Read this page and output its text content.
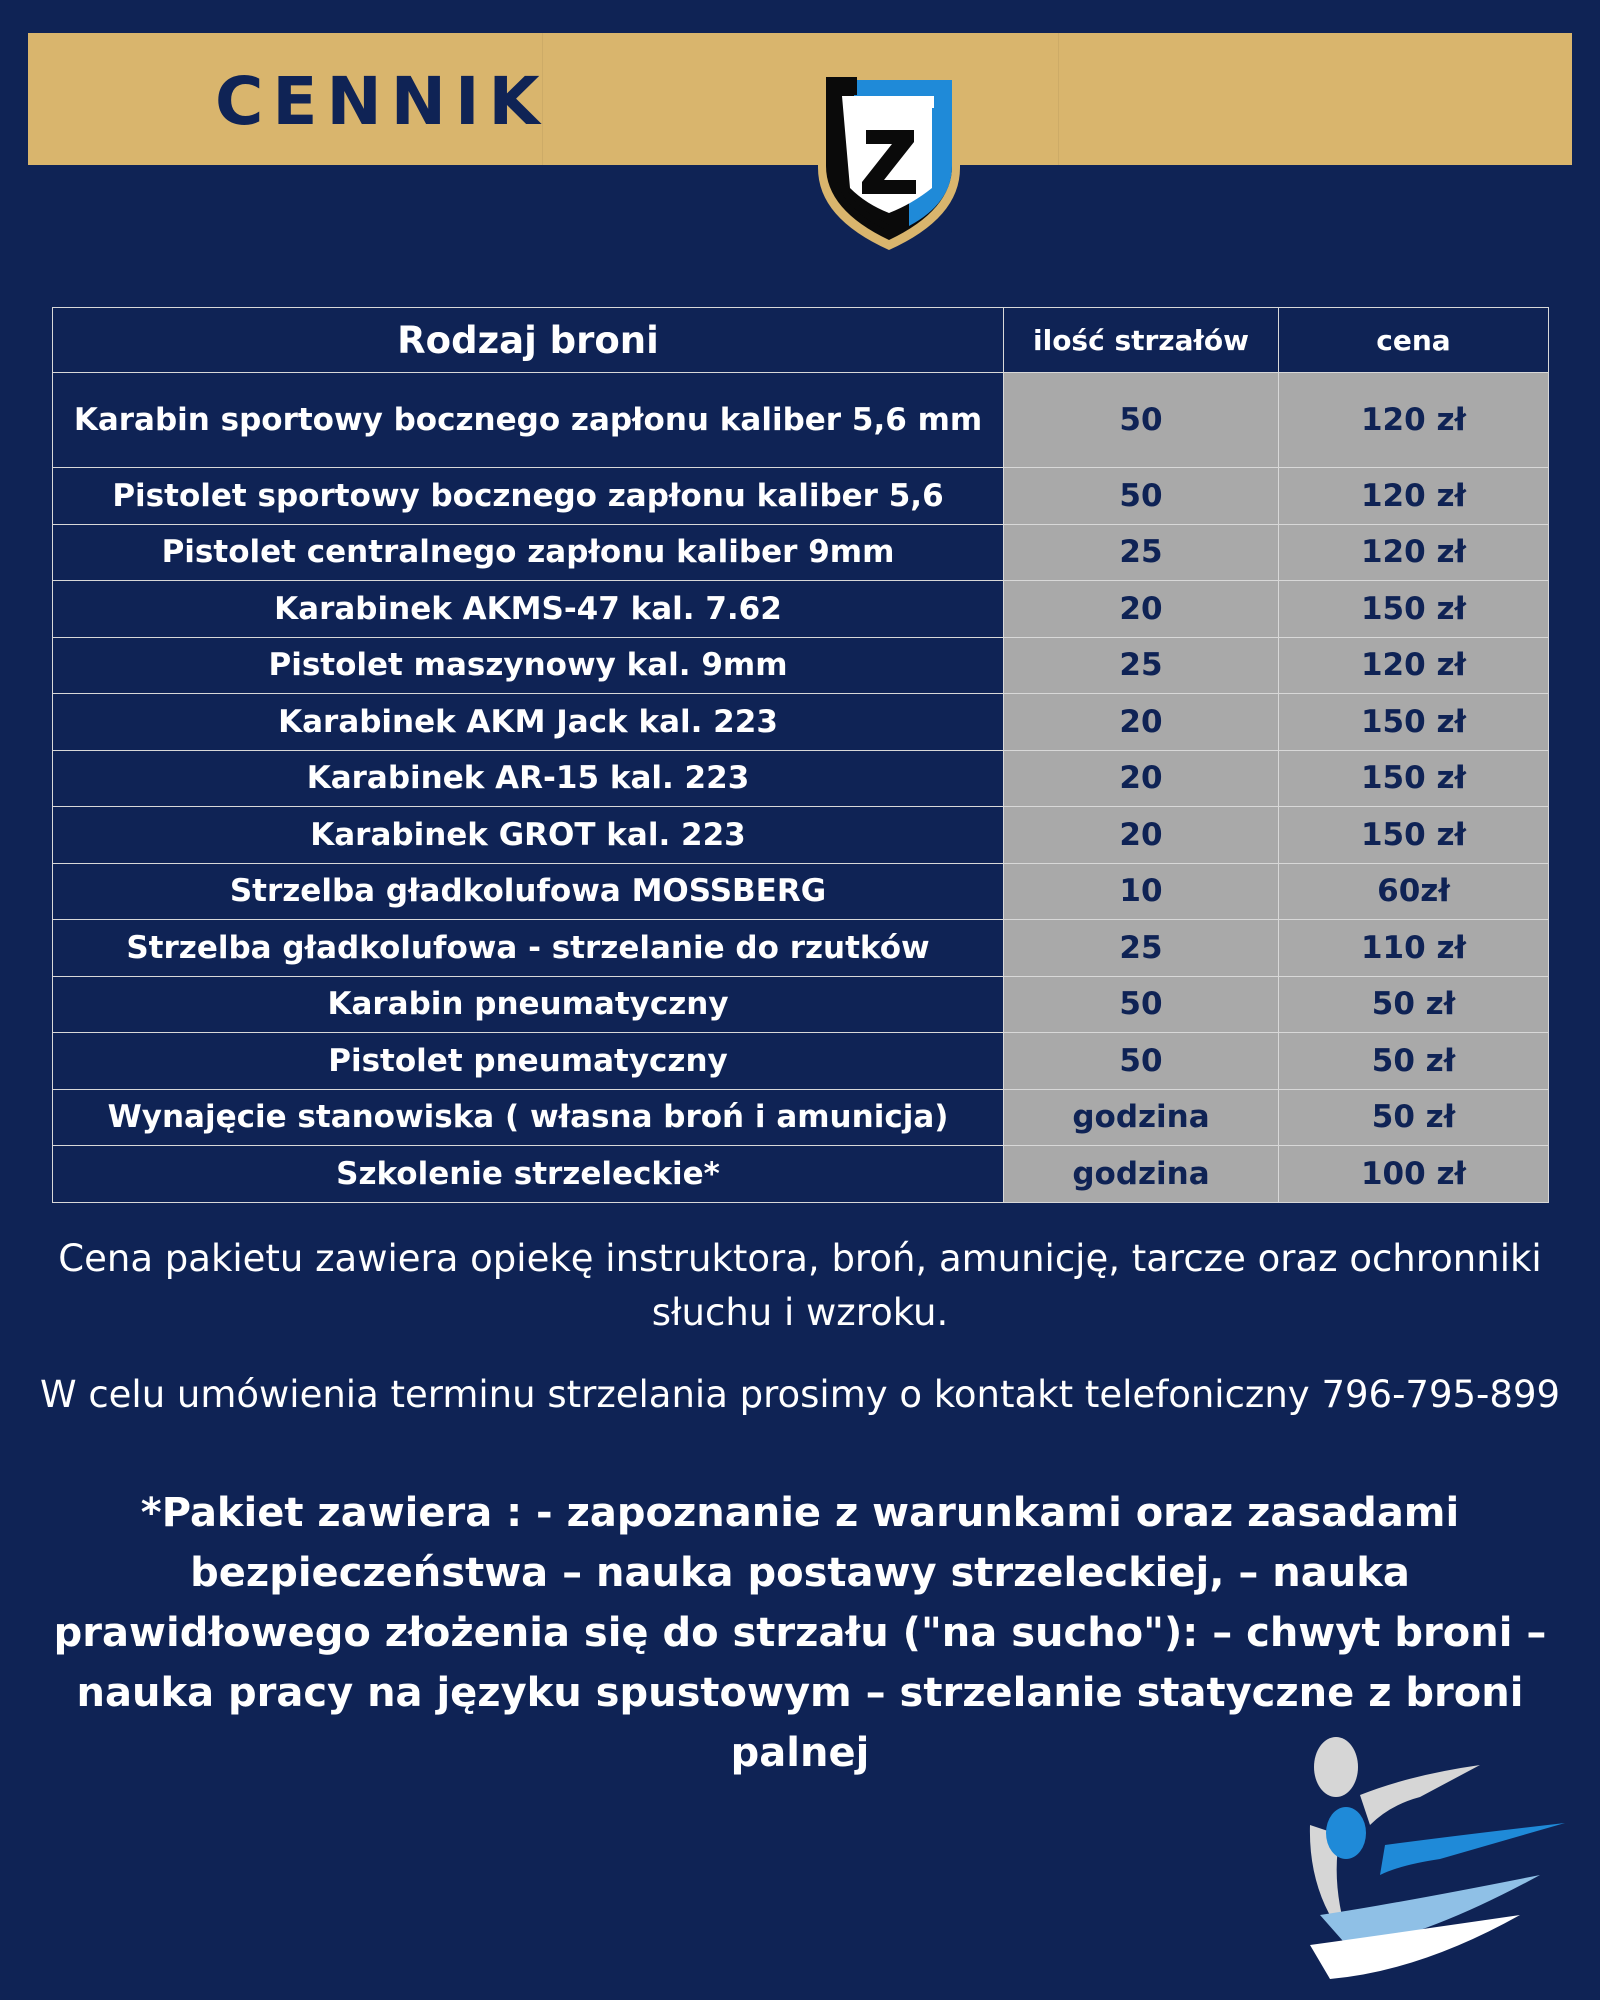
CENNIK
Rodzaj broni	ilość strzałów	cena
Karabin sportowy bocznego zapłonu kaliber 5,6 mm	50	120 zł
Pistolet sportowy bocznego zapłonu kaliber 5,6	50	120 zł
Pistolet centralnego zapłonu kaliber 9mm	25	120 zł
Karabinek AKMS-47 kal. 7.62	20	150 zł
Pistolet maszynowy kal. 9mm	25	120 zł
Karabinek AKM Jack kal. 223	20	150 zł
Karabinek AR-15 kal. 223	20	150 zł
Karabinek GROT kal. 223	20	150 zł
Strzelba gładkolufowa MOSSBERG	10	60zł
Strzelba gładkolufowa - strzelanie do rzutków	25	110 zł
Karabin pneumatyczny	50	50 zł
Pistolet pneumatyczny	50	50 zł
Wynajęcie stanowiska ( własna broń i amunicja)	godzina	50 zł
Szkolenie strzeleckie*	godzina	100 zł
Cena pakietu zawiera opiekę instruktora, broń, amunicję, tarcze oraz ochronniki słuchu i wzroku.
W celu umówienia terminu strzelania prosimy o kontakt telefoniczny 796-795-899
*Pakiet zawiera : - zapoznanie z warunkami oraz zasadami bezpieczeństwa – nauka postawy strzeleckiej, – nauka prawidłowego złożenia się do strzału ("na sucho"): – chwyt broni – nauka pracy na języku spustowym – strzelanie statyczne z broni palnej
